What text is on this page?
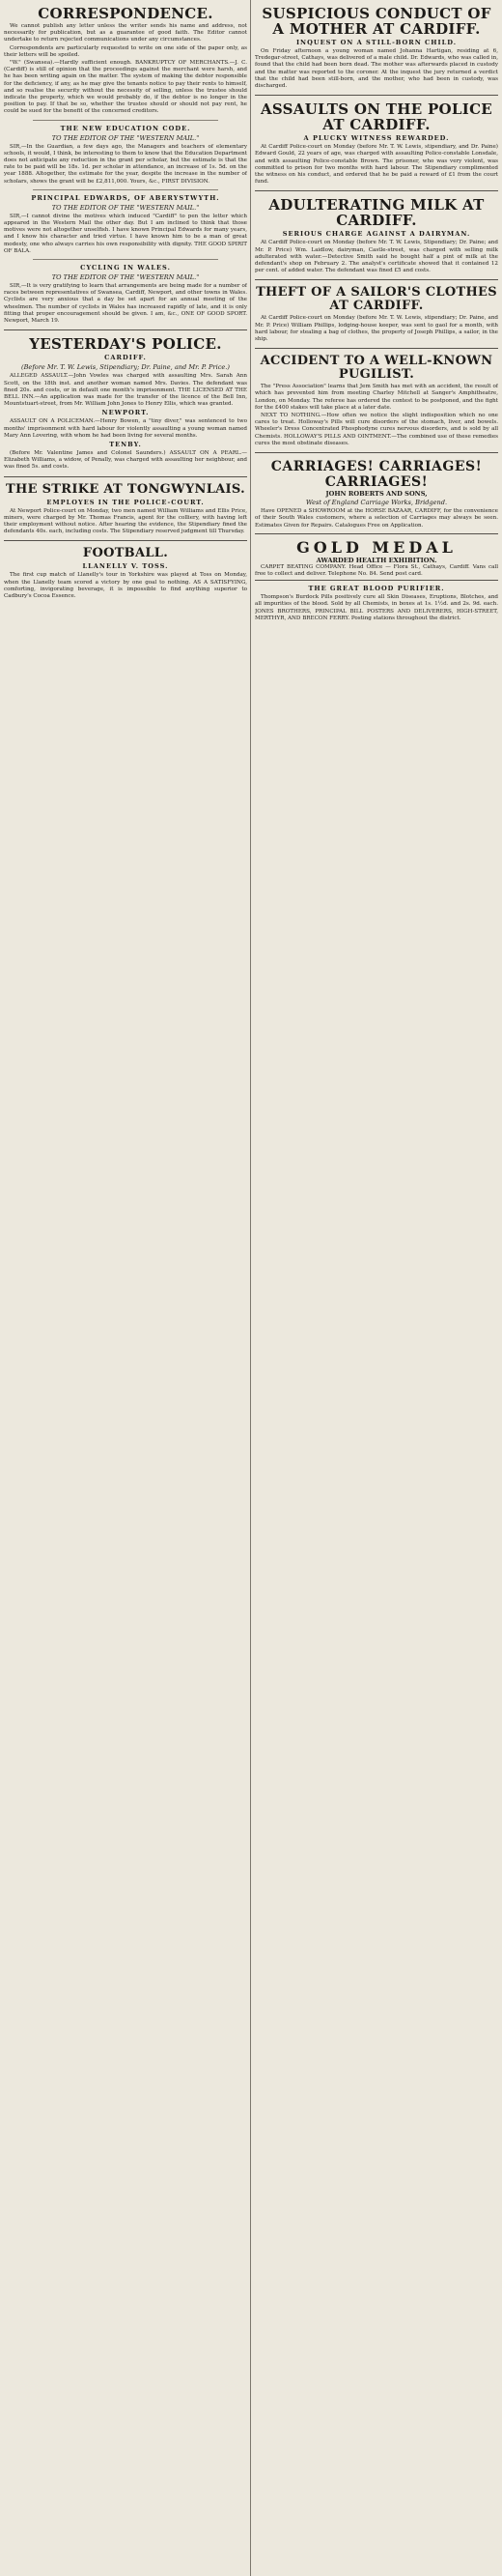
CORRESPONDENCE.
We cannot publish any letter unless the writer sends his name and address, not necessarily for publication, but as a guarantee of good faith. The Editor cannot undertake to return rejected communications under any circumstances.
Correspondents are particularly requested to write on one side of the paper only, as their letters will be spoiled.
"W." (Swansea).—Hardly sufficient enough. BANKRUPTCY OF MERCHANTS.—J. C. (Cardiff) is still of opinion that the proceedings against the merchant were harsh, and he has been writing again on the matter. The system of making the debtor responsible for the deficiency, if any, as he may give the tenants notice to pay their rents to himself, and so realise the security without the necessity of selling, unless the trustee should indicate the property, which we would probably do, if the debtor is no longer in the position to pay. If that be so, whether the trustee should or should not pay rent, he could be sued for the benefit of the concerned creditors.
THE NEW EDUCATION CODE.
TO THE EDITOR OF THE "WESTERN MAIL."
SIR,—In the Guardian, a few days ago, the Managers and teachers of elementary schools, it would, I think, be interesting to them to know that the Education Department does not anticipate any reduction in the grant per scholar, but the estimate is that the rate to be paid will be 18s. 1d. per scholar in attendance, an increase of 1s. 5d. on the year 1888. Altogether, the estimate for the year, despite the increase in the number of scholars, shows the grant will be £2,811,000. Yours, &c., FIRST DIVISION.
PRINCIPAL EDWARDS, OF ABERYSTWYTH.
TO THE EDITOR OF THE "WESTERN MAIL."
SIR,—I cannot divine the motives which induced "Cardiff" to pen the letter which appeared in the Western Mail the other day. But I am inclined to think that those motives were not altogether unselfish. I have known Principal Edwards for many years, and I know his character and tried virtue. I have known him to be a man of great modesty, one who always carries his own responsibility with dignity. THE GOOD SPIRIT OF BALA.
CYCLING IN WALES.
TO THE EDITOR OF THE "WESTERN MAIL."
SIR,—It is very gratifying to learn that arrangements are being made for a number of races between representatives of Swansea, Cardiff, Newport, and other towns in Wales. Cyclists are very anxious that a day be set apart for an annual meeting of the wheelmen. The number of cyclists in Wales has increased rapidly of late, and it is only fitting that proper encouragement should be given. I am, &c., ONE OF GOOD SPORT. Newport, March 19.
YESTERDAY'S POLICE.
CARDIFF.
(Before Mr. T. W. Lewis, Stipendiary; Dr. Paine, and Mr. P. Price.)
ALLEGED ASSAULT.—John Vowles was charged with assaulting Mrs. Sarah Ann Scott, on the 18th inst. and another woman named Mrs. Davies. The defendant was fined 20s. and costs, or in default one month's imprisonment. THE LICENSED AT THE BELL INN.—An application was made for the transfer of the licence of the Bell Inn, Mountstuart-street, from Mr. William John Jones to Henry Ellis, which was granted.
NEWPORT.
ASSAULT ON A POLICEMAN.—Henry Bowen, a "tiny diver," was sentenced to two months' imprisonment with hard labour for violently assaulting a young woman named Mary Ann Lovering, with whom he had been living for several months.
TENBY.
(Before Mr. Valentine James and Colonel Saunders.) ASSAULT ON A PEARL.—Elizabeth Williams, a widow, of Penally, was charged with assaulting her neighbour, and was fined 5s. and costs.
THE STRIKE AT TONGWYNLAIS.
EMPLOYES IN THE POLICE-COURT.
At Newport Police-court on Monday, two men named William Williams and Ellis Price, miners, were charged by Mr. Thomas Francis, agent for the colliery, with having left their employment without notice. After hearing the evidence, the Stipendiary fined the defendants 40s. each, including costs. The Stipendiary reserved judgment till Thursday.
FOOTBALL.
LLANELLY V. TOSS.
The first cup match of Llanelly's tour in Yorkshire was played at Toss on Monday, when the Llanelly team scored a victory by one goal to nothing. AS A SATISFYING, comforting, invigorating beverage, it is impossible to find anything superior to Cadbury's Cocoa Essence.
SUSPICIOUS CONDUCT OF A MOTHER AT CARDIFF.
INQUEST ON A STILL-BORN CHILD.
On Friday afternoon a young woman named Johanna Hartigan, residing at 6, Tredegar-street, Cathays, was delivered of a male child. Dr. Edwards, who was called in, found that the child had been born dead. The mother was afterwards placed in custody and the matter was reported to the coroner. At the inquest the jury returned a verdict that the child had been still-born, and the mother, who had been in custody, was discharged.
ASSAULTS ON THE POLICE AT CARDIFF.
A PLUCKY WITNESS REWARDED.
At Cardiff Police-court on Monday (before Mr. T. W. Lewis, stipendiary, and Dr. Paine) Edward Gould, 22 years of age, was charged with assaulting Police-constable Lonsdale, and with assaulting Police-constable Brown. The prisoner, who was very violent, was committed to prison for two months with hard labour. The Stipendiary complimented the witness on his conduct, and ordered that he be paid a reward of £1 from the court fund.
ADULTERATING MILK AT CARDIFF.
SERIOUS CHARGE AGAINST A DAIRYMAN.
At Cardiff Police-court on Monday (before Mr. T. W. Lewis, Stipendiary; Dr. Paine; and Mr. P. Price) Wm. Laidlow, dairyman, Castle-street, was charged with selling milk adulterated with water.—Detective Smith said he bought half a pint of milk at the defendant's shop on February 2. The analyst's certificate showed that it contained 12 per cent. of added water. The defendant was fined £5 and costs.
THEFT OF A SAILOR'S CLOTHES AT CARDIFF.
At Cardiff Police-court on Monday (before Mr. T. W. Lewis, stipendiary; Dr. Paine, and Mr. P. Price) William Phillips, lodging-house keeper, was sent to gaol for a month, with hard labour, for stealing a bag of clothes, the property of Joseph Phillips, a sailor, in the ship.
ACCIDENT TO A WELL-KNOWN PUGILIST.
The "Press Association" learns that Jem Smith has met with an accident, the result of which has prevented him from meeting Charley Mitchell at Sanger's Amphitheatre, London, on Monday. The referee has ordered the contest to be postponed, and the fight for the £400 stakes will take place at a later date.
NEXT TO NOTHING.—How often we notice the slight indisposition which no one cares to treat. Holloway's Pills will cure disorders of the stomach, liver, and bowels. Wheeler's Dress Concentrated Phosphodyne cures nervous disorders, and is sold by all Chemists. HOLLOWAY'S PILLS AND OINTMENT.—The combined use of these remedies cures the most obstinate diseases.
CARRIAGES! CARRIAGES! CARRIAGES!
JOHN ROBERTS AND SONS,
West of England Carriage Works, Bridgend.
Have OPENED a SHOWROOM at the HORSE BAZAAR, CARDIFF, for the convenience of their South Wales customers, where a selection of Carriages may always be seen. Estimates Given for Repairs. Catalogues Free on Application.
GOLD MEDAL
AWARDED HEALTH EXHIBITION.
CARPET BEATING COMPANY. Head Office — Flora St., Cathays, Cardiff. Vans call free to collect and deliver. Telephone No. 84. Send post card.
THE GREAT BLOOD PURIFIER.
Thompson's Burdock Pills positively cure all Skin Diseases, Eruptions, Blotches, and all impurities of the blood. Sold by all Chemists, in boxes at 1s. 1½d. and 2s. 9d. each. JONES BROTHERS, PRINCIPAL BILL POSTERS AND DELIVERERS, HIGH-STREET, MERTHYR, AND BRECON FERRY. Posting stations throughout the district.
